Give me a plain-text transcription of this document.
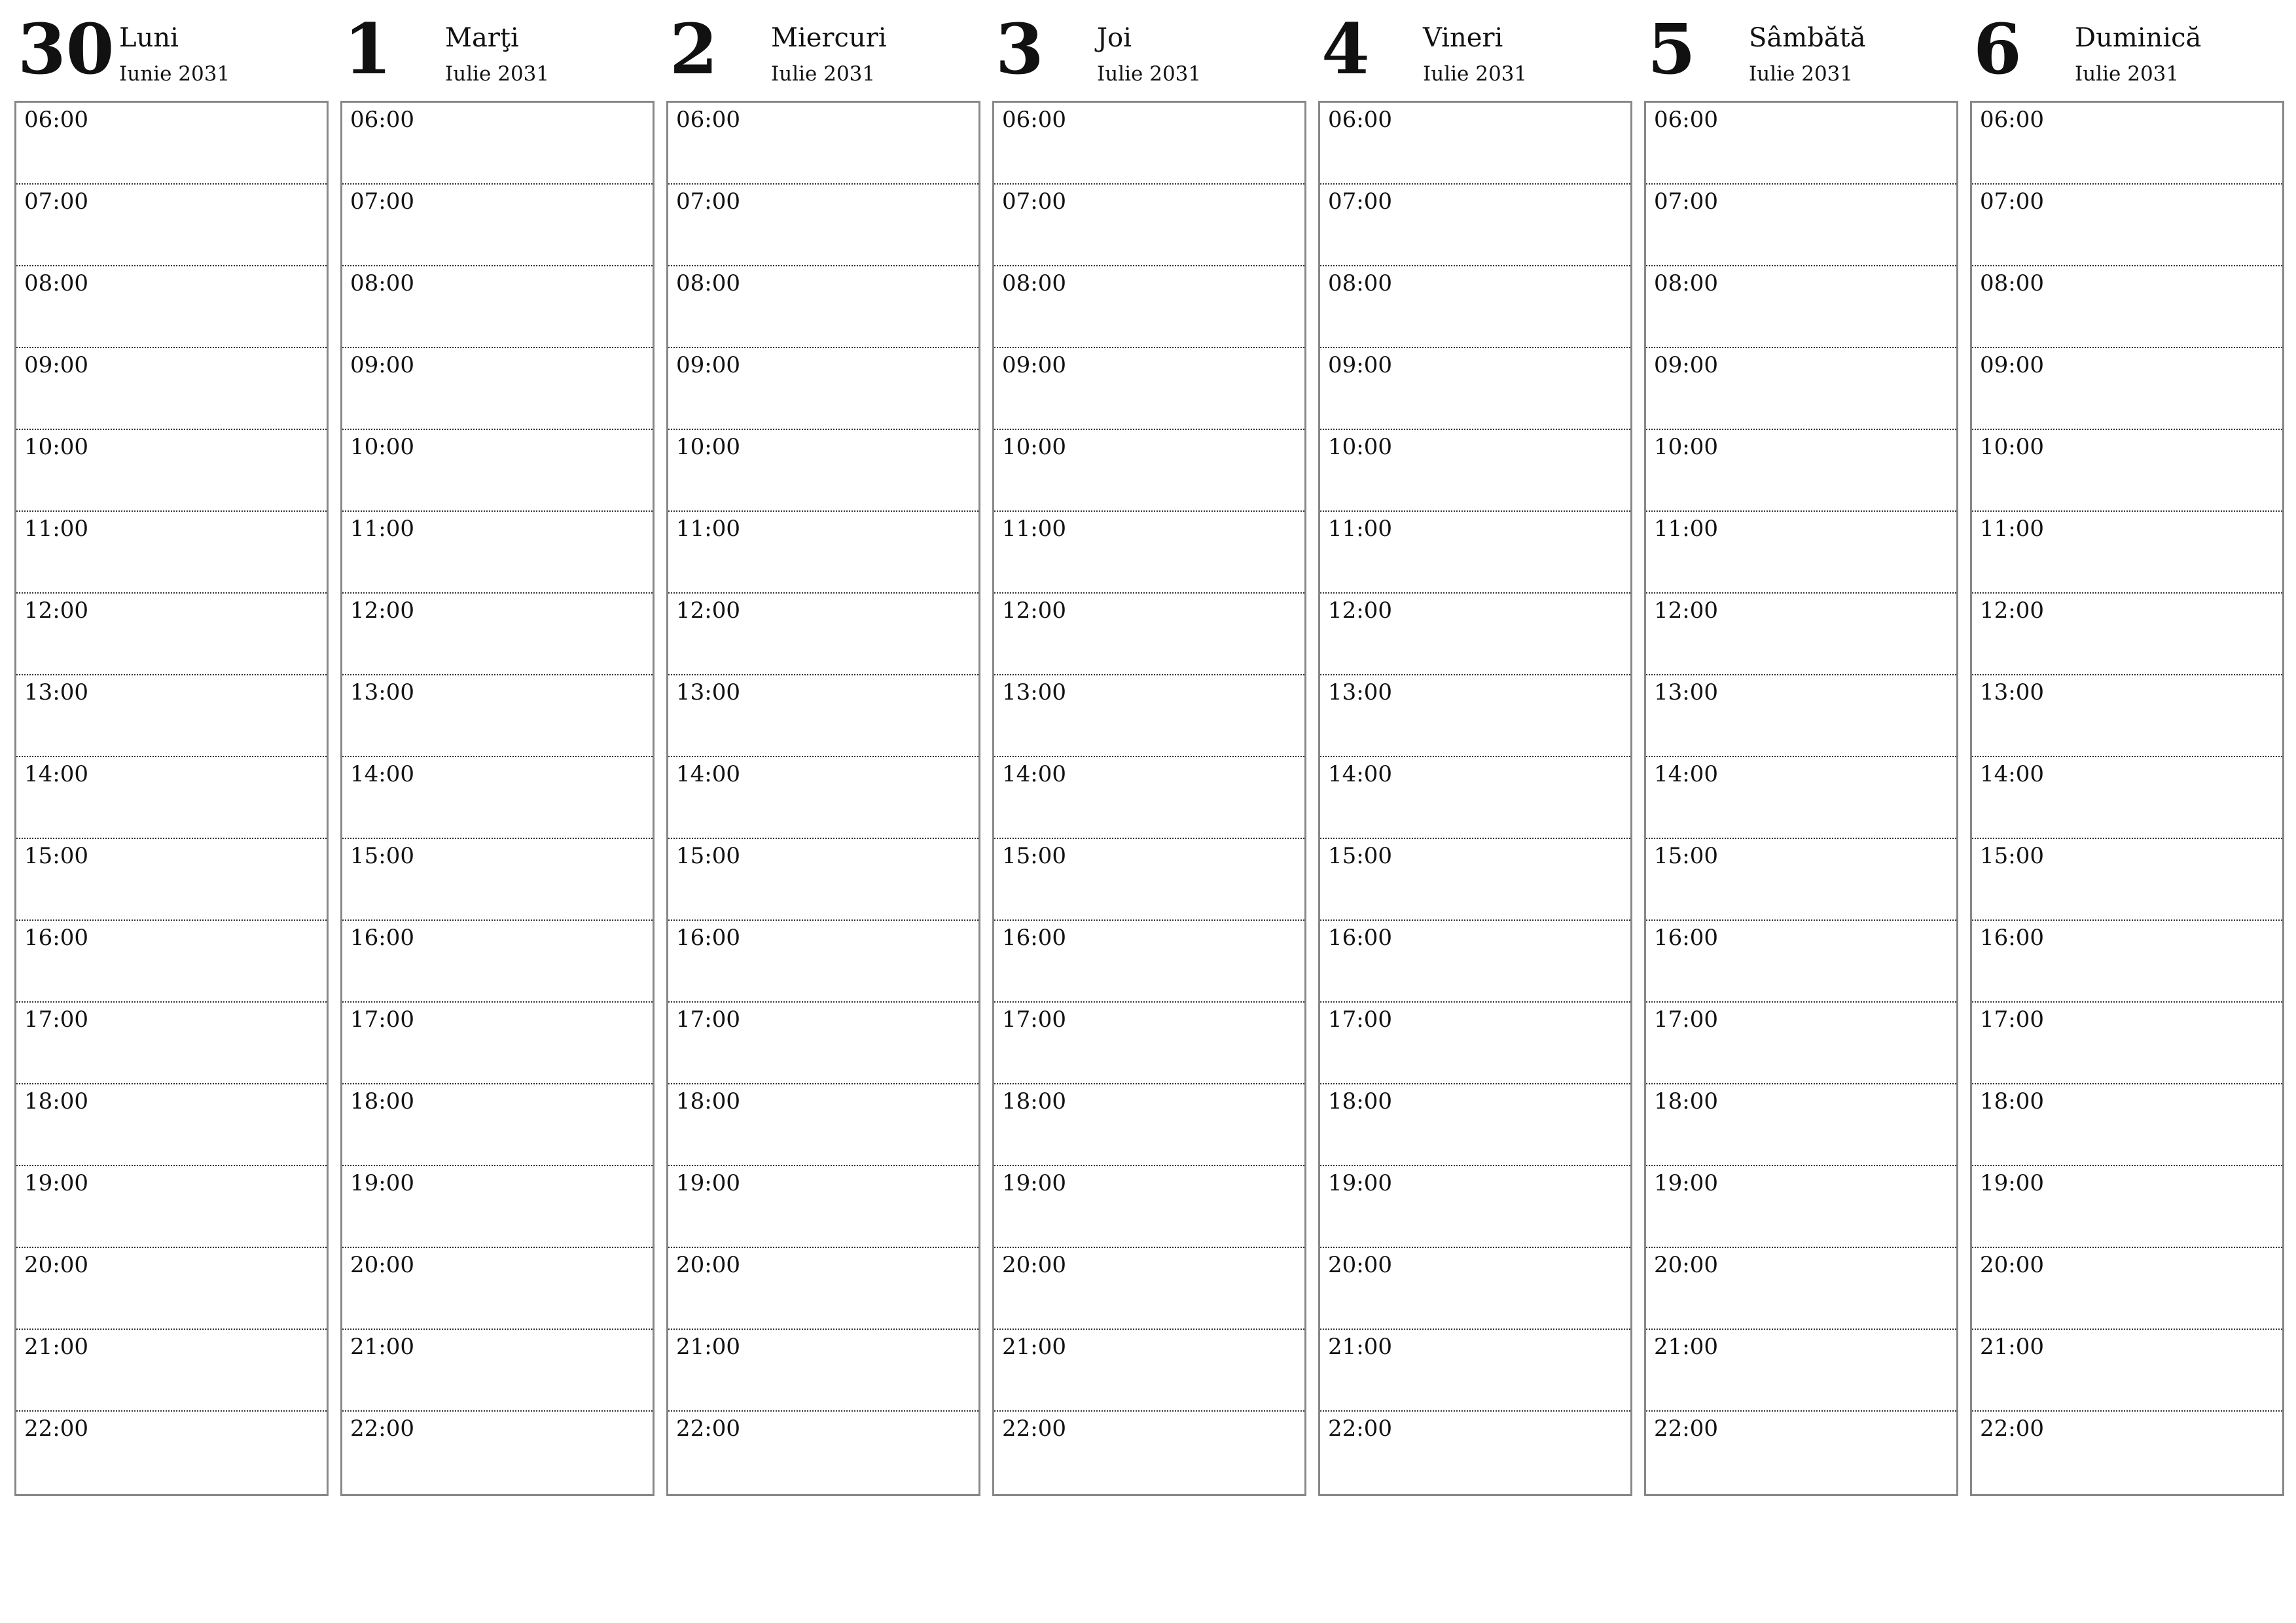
30 Luni
Iunie 2031
06:00
07:00
08:00
09:00
10:00
11:00
12:00
13:00
14:00
15:00
16:00
17:00
18:00
19:00
20:00
21:00
22:00
1 Marţi
Iulie 2031
06:00
07:00
08:00
09:00
10:00
11:00
12:00
13:00
14:00
15:00
16:00
17:00
18:00
19:00
20:00
21:00
22:00
2 Miercuri
Iulie 2031
06:00
07:00
08:00
09:00
10:00
11:00
12:00
13:00
14:00
15:00
16:00
17:00
18:00
19:00
20:00
21:00
22:00
3 Joi
Iulie 2031
06:00
07:00
08:00
09:00
10:00
11:00
12:00
13:00
14:00
15:00
16:00
17:00
18:00
19:00
20:00
21:00
22:00
4 Vineri
Iulie 2031
06:00
07:00
08:00
09:00
10:00
11:00
12:00
13:00
14:00
15:00
16:00
17:00
18:00
19:00
20:00
21:00
22:00
5 Sâmbătă
Iulie 2031
06:00
07:00
08:00
09:00
10:00
11:00
12:00
13:00
14:00
15:00
16:00
17:00
18:00
19:00
20:00
21:00
22:00
6 Duminică
Iulie 2031
06:00
07:00
08:00
09:00
10:00
11:00
12:00
13:00
14:00
15:00
16:00
17:00
18:00
19:00
20:00
21:00
22:00
